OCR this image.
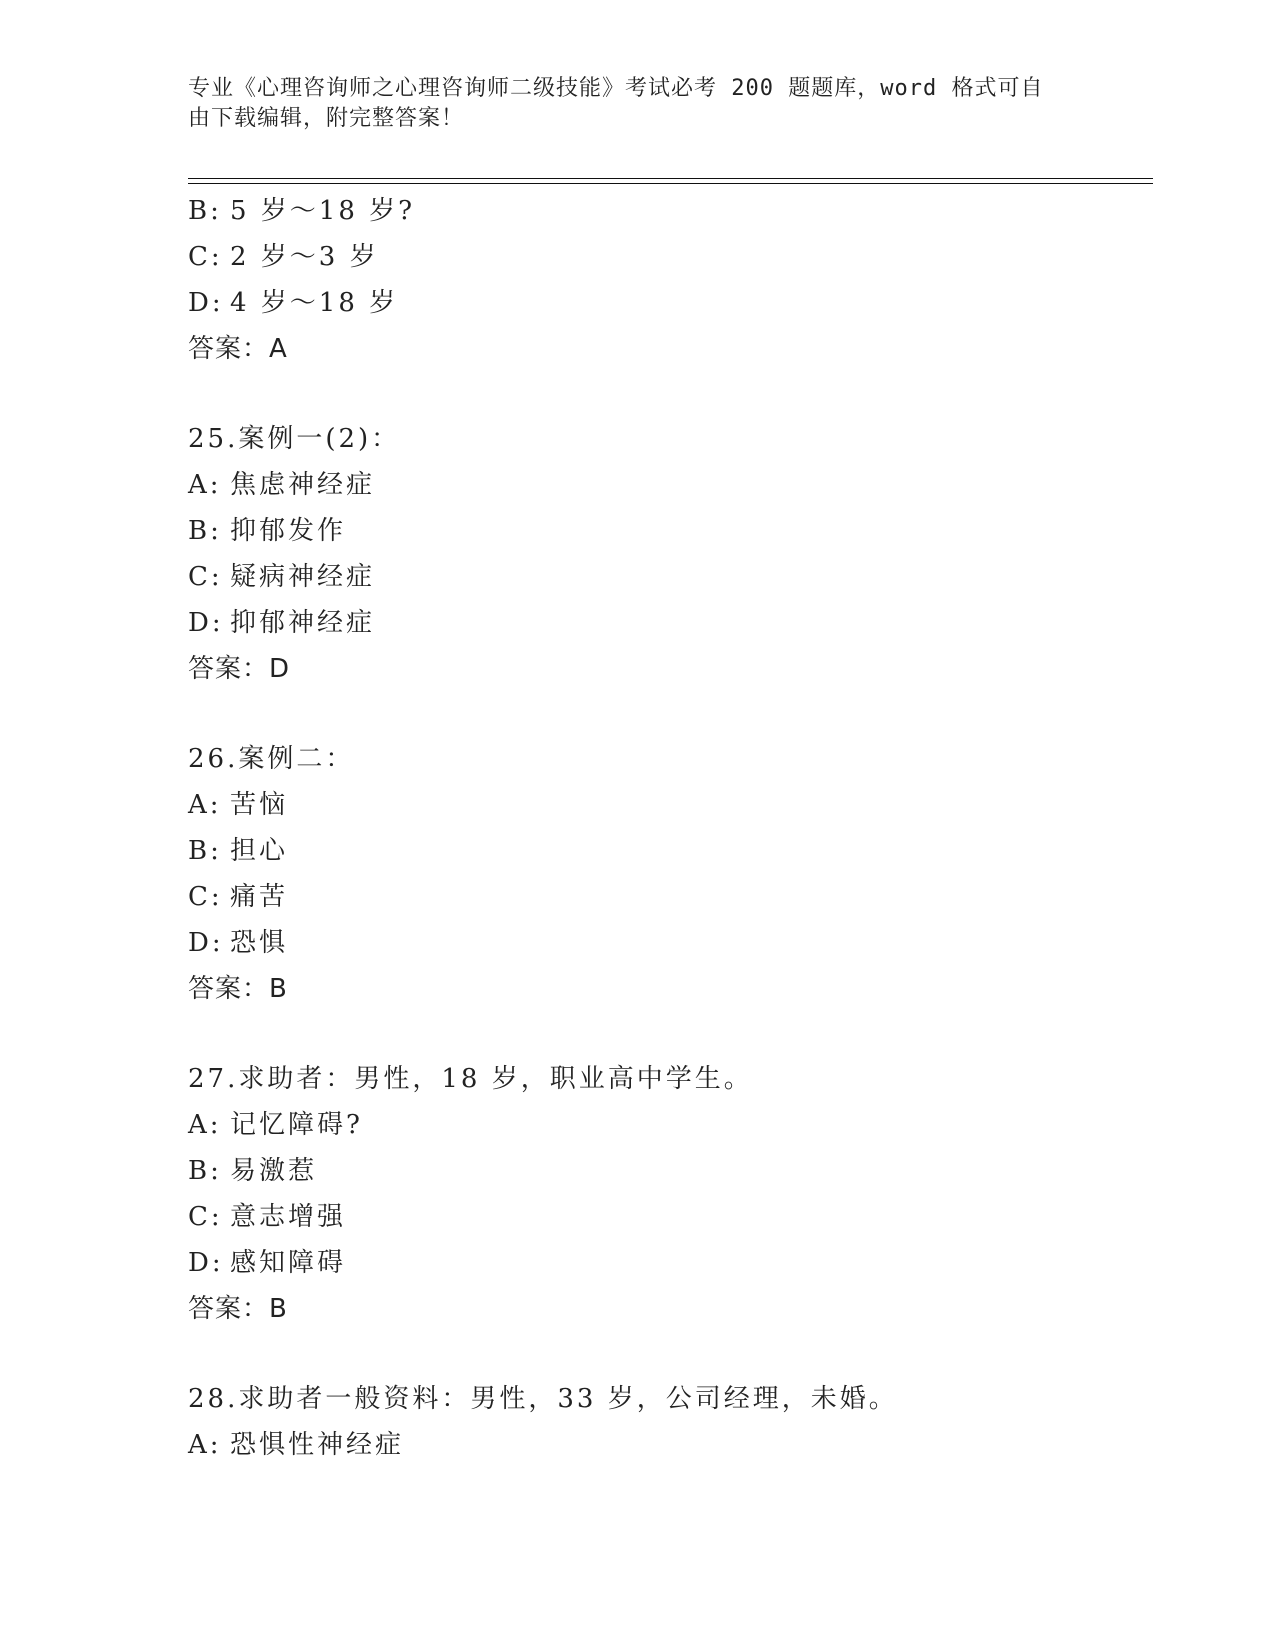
专业《心理咨询师之心理咨询师二级技能》考试必考 200 题题库，word 格式可自
由下载编辑，附完整答案！
B: 5 岁～18 岁?
C: 2 岁～3 岁
D: 4 岁～18 岁
答案：A
25.案例一(2)：
A: 焦虑神经症
B: 抑郁发作
C: 疑病神经症
D: 抑郁神经症
答案：D
26.案例二：
A: 苦恼
B: 担心
C: 痛苦
D: 恐惧
答案：B
27.求助者：男性，18 岁，职业高中学生。
A: 记忆障碍?
B: 易激惹
C: 意志增强
D: 感知障碍
答案：B
28.求助者一般资料：男性，33 岁，公司经理，未婚。
A: 恐惧性神经症
